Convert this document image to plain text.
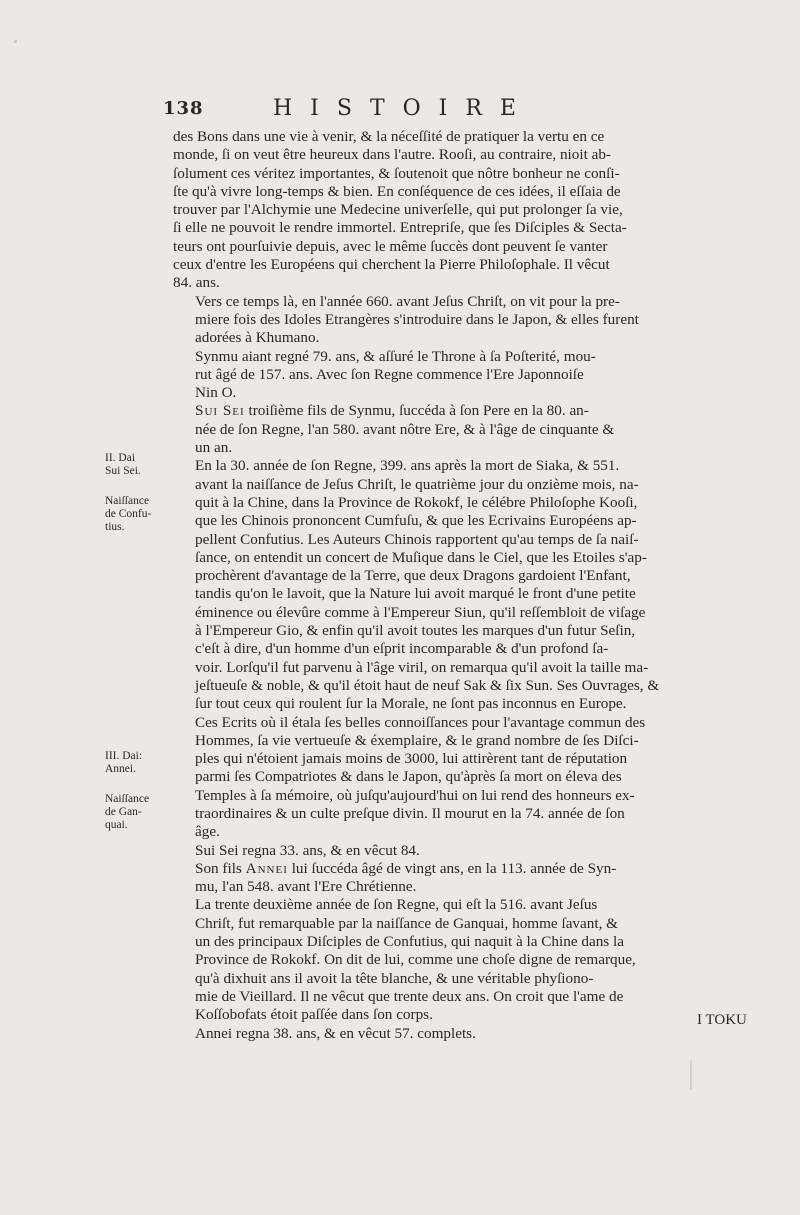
138	HISTOIRE

des Bons dans une vie à venir, & la néceſſité de pratiquer la vertu en ce
monde, ſi on veut être heureux dans l'autre. Rooſi, au contraire, nioit ab-
ſolument ces véritez importantes, & ſoutenoit que nôtre bonheur ne conſi-
ſte qu'à vivre long-temps & bien. En conſéquence de ces idées, il eſſaia de
trouver par l'Alchymie une Medecine univerſelle, qui put prolonger ſa vie,
ſi elle ne pouvoit le rendre immortel. Entrepriſe, que ſes Diſciples & Secta-
teurs ont pourſuivie depuis, avec le même ſuccès dont peuvent ſe vanter
ceux d'entre les Européens qui cherchent la Pierre Philoſophale. Il vêcut
84. ans.

Vers ce temps là, en l'année 660. avant Jeſus Chriſt, on vit pour la pre-
miere fois des Idoles Etrangères s'introduire dans le Japon, & elles furent
adorées à Khumano.

Synmu aiant regné 79. ans, & aſſuré le Throne à ſa Poſterité, mou-
rut âgé de 157. ans. Avec ſon Regne commence l'Ere Japonnoiſe
Nin O.

Sui Sei troiſième fils de Synmu, ſuccéda à ſon Pere en la 80. an-
née de ſon Regne, l'an 580. avant nôtre Ere, & à l'âge de cinquante &
un an.

En la 30. année de ſon Regne, 399. ans après la mort de Siaka, & 551.
avant la naiſſance de Jeſus Chriſt, le quatrième jour du onzième mois, na-
quit à la Chine, dans la Province de Rokokf, le célébre Philoſophe Kooſi,
que les Chinois prononcent Cumfuſu, & que les Ecrivains Européens ap-
pellent Confutius. Les Auteurs Chinois rapportent qu'au temps de ſa naiſ-
ſance, on entendit un concert de Muſique dans le Ciel, que les Etoiles s'ap-
prochèrent d'avantage de la Terre, que deux Dragons gardoient l'Enfant,
tandis qu'on le lavoit, que la Nature lui avoit marqué le front d'une petite
éminence ou élevûre comme à l'Empereur Siun, qu'il reſſembloit de viſage
à l'Empereur Gio, & enfin qu'il avoit toutes les marques d'un futur Seſin,
c'eſt à dire, d'un homme d'un eſprit incomparable & d'un profond ſa-
voir. Lorſqu'il fut parvenu à l'âge viril, on remarqua qu'il avoit la taille ma-
jeſtueuſe & noble, & qu'il étoit haut de neuf Sak & ſix Sun. Ses Ouvrages, &
ſur tout ceux qui roulent ſur la Morale, ne ſont pas inconnus en Europe.
Ces Ecrits où il étala ſes belles connoiſſances pour l'avantage commun des
Hommes, ſa vie vertueuſe & éxemplaire, & le grand nombre de ſes Diſci-
ples qui n'étoient jamais moins de 3000, lui attirèrent tant de réputation
parmi ſes Compatriotes & dans le Japon, qu'àprès ſa mort on éleva des
Temples à ſa mémoire, où juſqu'aujourd'hui on lui rend des honneurs ex-
traordinaires & un culte preſque divin. Il mourut en la 74. année de ſon
âge.

Sui Sei regna 33. ans, & en vêcut 84.

Son fils Annei lui ſuccéda âgé de vingt ans, en la 113. année de Syn-
mu, l'an 548. avant l'Ere Chrétienne.

La trente deuxième année de ſon Regne, qui eſt la 516. avant Jeſus
Chriſt, fut remarquable par la naiſſance de Ganquai, homme ſavant, &
un des principaux Diſciples de Confutius, qui naquit à la Chine dans la
Province de Rokokf. On dit de lui, comme une choſe digne de remarque,
qu'à dixhuit ans il avoit la tête blanche, & une véritable phyſiono-
mie de Vieillard. Il ne vêcut que trente deux ans. On croit que l'ame de
Koſſobofats étoit paſſée dans ſon corps.

Annei regna 38. ans, & en vêcut 57. complets.

II. Dai
Sui Sei.
Naiſſance
de Confu-
tius.
III. Dai:
Annei.
Naiſſance
de Gan-
quai.
I TOKU
